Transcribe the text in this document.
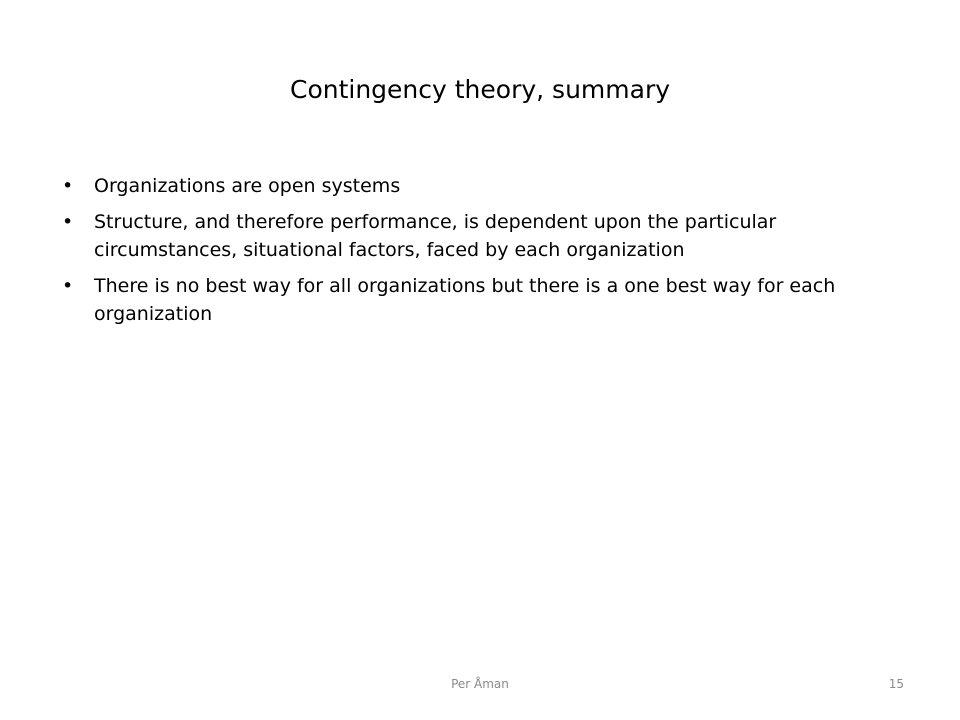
Contingency theory, summary
•	Organizations are open systems
•	Structure, and therefore performance, is dependent upon the particular circumstances, situational factors, faced by each organization
•	There is no best way for all organizations but there is a one best way for each organization
Per Åman	15
